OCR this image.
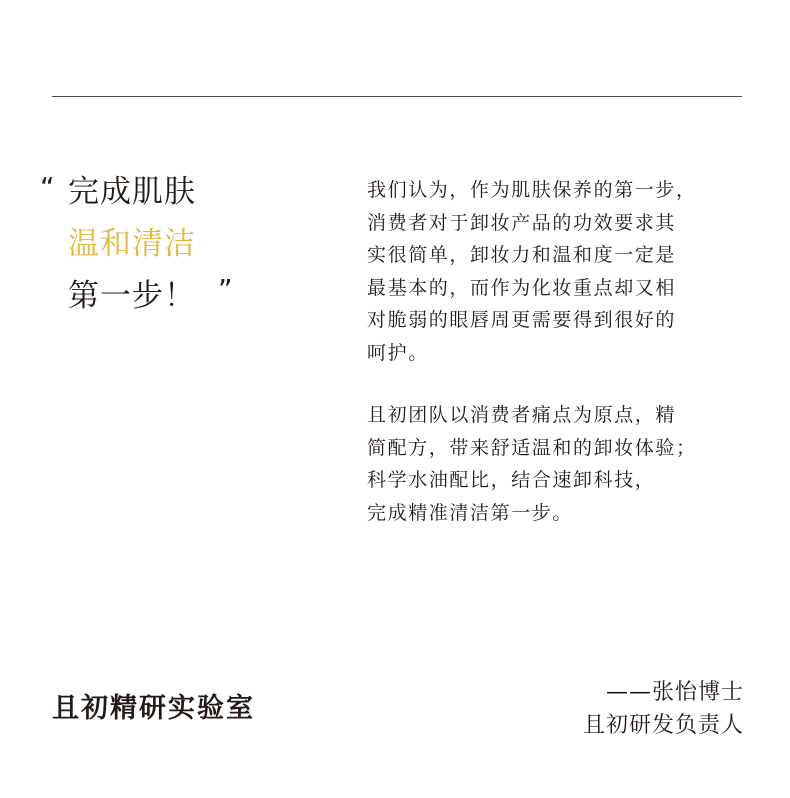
“ 完成肌肤
温和清洁
第一步！ ”

我们认为，作为肌肤保养的第一步，
消费者对于卸妆产品的功效要求其
实很简单，卸妆力和温和度一定是
最基本的，而作为化妆重点却又相
对脆弱的眼唇周更需要得到很好的
呵护。

且初团队以消费者痛点为原点，精
简配方，带来舒适温和的卸妆体验；
科学水油配比，结合速卸科技，
完成精准清洁第一步。

且初精研实验室
——张怡博士
且初研发负责人
